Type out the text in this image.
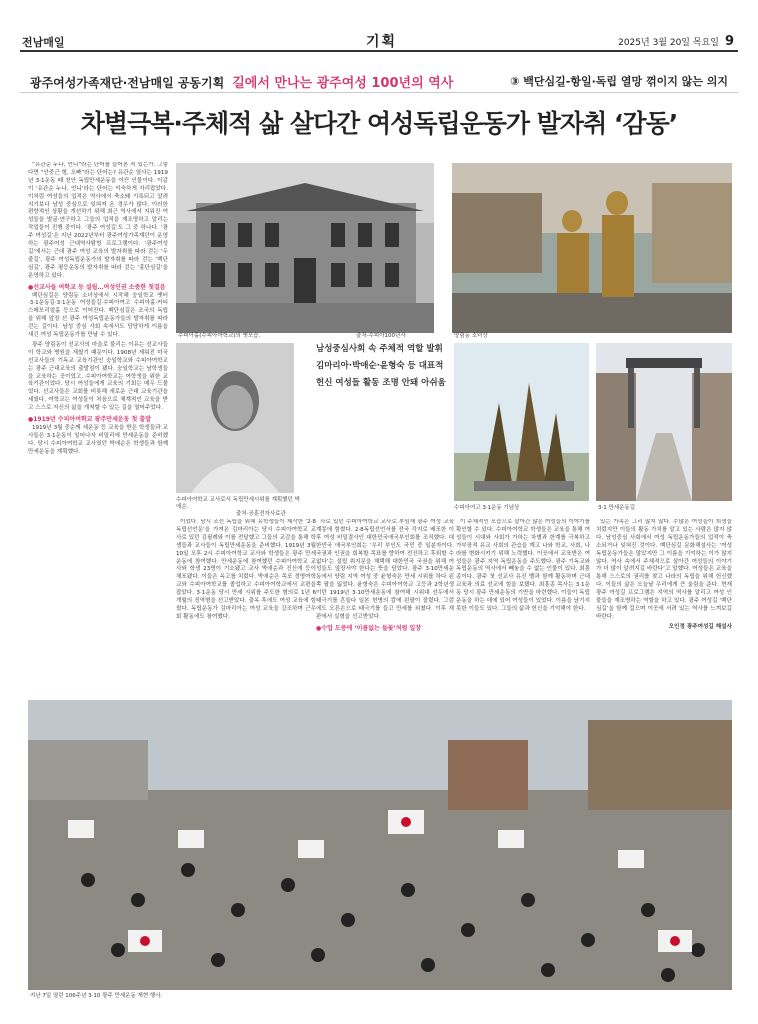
전남매일	기획	2025년 3월 20일 목요일 9
광주여성가족재단·전남매일 공동기획 길에서 만나는 광주여성 100년의 역사	③ 백단심길-항일·독립 열망 꺾이지 않는 의지
차별극복·주체적 삶 살다간 여성독립운동가 발자취 ‘감동’

“유관순 누나, 언니”라는 단어를 들어본 적 있는가. 그렇다면 “안중근 형, 오빠”라는 단어는? 유관순 열사는 1919년 3·1운동 때 천안 독립만세운동을 이끈 인물이다. 이같이 ‘유관순 누나, 언니’라는 단어는 익숙하게 자리잡았다. 이처럼 여성들의 업적은 역사에서 축소돼 기록되고 알려지기보다 남성 중심으로 잊혀져 온 경우가 많다. 이러한 편향적인 상황을 개선하기 위해 최근 역사에서 지워진 여성들을 발굴·연구하고 그들의 업적을 재조명하고 알리는 작업들이 진행 중이다. ‘광주 여성길’도 그 중 하나다. ‘광주 여성길’은 지난 2022년부터 광주여성가족재단이 운영하는 광주여성 근대역사탐방 프로그램이다. ‘광주여성길’에서는 근대 광주 여성 교육의 발자취를 따라 걷는 ‘두 줄길’, 광주 여성독립운동가의 발자취를 따라 걷는 ‘백단심길’, 광주 평등운동의 발자취를 따라 걷는 ‘홍단심길’을 운영하고 있다.

●선교사들 여학교 등 설립…여성인권 소중한 첫걸음

백단심길은 양림동 소녀상에서 시작해 숭일학교 옛터·3·1운동길·3·1운동 여성들길·수피아여고 수피아홀·커티스메모리얼홀 등으로 이어진다. 백단심길은 조국의 독립을 위해 앞장 선 광주 여성독립운동가들의 발자취를 따라 걷는 길이다. 남성 중심 사회 속에서도 당당하게 이름을 새긴 여성 독립운동가를 만날 수 있다.

광주 양림동이 선교사의 마을로 불리는 이유는 선교사들이 학교와 병원을 세웠기 때문이다. 1908년 세워진 미국 선교사들의 기독교 교육기관인 숭일학교와 수피아여학교는 광주 근대교육의 출발점이 됐다. 숭일학교는 남학생들을 교육하는 곳이었고, 수피아여학교는 여학생을 위한 교육기관이었다. 당시 여성들에게 교육의 기회는 매우 드물었다. 선교사들은 교회를 비롯해 새로운 근대 교육기관을 세웠다. 여학교는 여성들이 처음으로 체계적인 교육을 받고 스스로 자신의 삶을 개척할 수 있는 길을 열어주었다.

●1919년 수피아여학교 광주만세운동 첫 출발

1919년 3월 중순께 세운동 등 교육을 받은 학생들과 교사들은 3·1운동이 일어나자 비밀리에 만세운동을 준비했다. 당시 수피아여학교 교사였던 박애순은 학생들과 함께 만세운동을 계획했다.

수피아홀(수피아여학교)의 옛모습.	출처-수피아100년사	양림동 소녀상
수피아여학교 교사로서 독립만세시위를 계획했던 박애순.
출처-공훈전자사료관
남성중심사회 속 주체적 역할 발휘
김마리아·박애순·윤형숙 등 대표적
헌신 여성들 활동 조명 안돼 아쉬움
수피아여고 3·1운동 기념상	3·1 만세운동길

이었다. 당시 조선 독립을 위해 유학생들이 제작한 ‘2·8 독립선언문’을 가져온 김마리아는 당시 수피아여학교 교사로 있던 김필례와 이를 전달했고 그들의 교감을 통해 학생들과 교사들이 독립만세운동을 준비했다. 1919년 3월 10일 오후 2시 수피아여학교 교사와 학생들은 광주 만세운동에 참여했다. 만세운동에 참여했던 수피아여학교 교사와 학생 23명이 기소됐고 교사 박애순과 진신애 등이 체포됐다. 이들은 옥고를 치렀다. 박애순은 목포 정명여학교와 수피아여학교를 졸업하고 수피아여학교에서 교편을 잡았다. 3·1운동 당시 만세 시위를 주도한 혐의로 1년 6개월의 징역형을 선고받았다. 출옥 후에도 여성 교육에 힘썼다. 독립운동가 김마리아는 여성 교육을 강조하며 근우회 활동에도 참여했다.

사로 있던 수피아여학교 교사로 부임해 광주 여성 교육 계몽에 힘썼다. 2·8독립선언서를 전국 각지로 배포한 이후 여성 비밀결사인 대한민국애국부인회를 조직했다. 대한민국 애국부인회는 ‘우리 부인도 국민 중 일분자이다. 국권과 인권을 회복할 목표를 향하여 전진하고 후퇴할 수 없다’는 설립 취지문을 채택해 대한민국 국권을 위해 여성들도 앞장서야 한다는 뜻을 담았다. 광주 3·10만세운동에서 양림 지역 여성 중 윤형숙은 만세 시위를 하다 왼쪽 팔을 잃었다. 윤형숙은 수피아여학교 고등과 2학년생이던 1919년 3·10만세운동에 참여해 시위대 선두에서 태극기를 흔들다 일본 헌병의 칼에 왼팔이 잘렸다. 그럼에도 오른손으로 태극기를 들고 만세를 외쳤다. 이후 재판에서 실형을 선고받았다.

●수업 도중에 ‘이름없는 들꽃’처럼 일장

이 주체적인 모습으로 살아간 많은 여성들의 이야기를 확인할 수 있다. 수피아여학교 학생들은 교육을 통해 여성들이 시대와 사회가 가하는 차별과 한계를 극복하고 가부장적 유교 사회의 관습을 깨고 나와 학교, 사회, 나라를 변화시키기 위해 노력했다. 이곳에서 교육받은 여성들은 광주 지역 독립운동을 주도했다. 광주 기독교와 독립운동의 역사에서 빼놓을 수 없는 인물이 있다. 최흥종이다. 광주 첫 선교사 유진 벨과 함께 활동하며 근대 교육과 의료 선교에 힘을 보탰다. 최흥종 목사는 3·1운동 당시 광주 만세운동의 기반을 마련했다. 이들이 독립운동을 하는 데에 있어 여성들이 있었다. 이름을 남기지 못한 이들도 있다. 그들의 삶과 헌신을 기억해야 한다.

있는 가족은 그리 많지 않다. 수많은 여성들이 희생을 치렀지만 이들의 활동 가치를 알고 있는 사람은 많지 않다. 남성중심 사회에서 여성 독립운동가들의 업적이 축소되거나 잊혀진 것이다. 백단심길 문화해설사는 ‘여성 독립운동가들은 많았지만 그 이름을 기억하는 이가 많지 않다. 역사 속에서 주체적으로 살아간 여성들의 이야기가 더 많이 알려지길 바란다’고 말했다. 여성들은 교육을 통해 스스로의 권리를 찾고 나라의 독립을 위해 헌신했다. 이들의 삶은 오늘날 우리에게 큰 울림을 준다. 현재 광주 여성길 프로그램은 지역의 역사를 알리고 여성 인물들을 재조명하는 역할을 하고 있다. 광주 여성길 ‘백단심길’을 함께 걸으며 이곳에 서려 있는 역사를 느껴보길 바란다.

오인정 광주여성길 해설사
지난 7일 열린 106주년 3·10 광주 만세운동 재현 행사.
